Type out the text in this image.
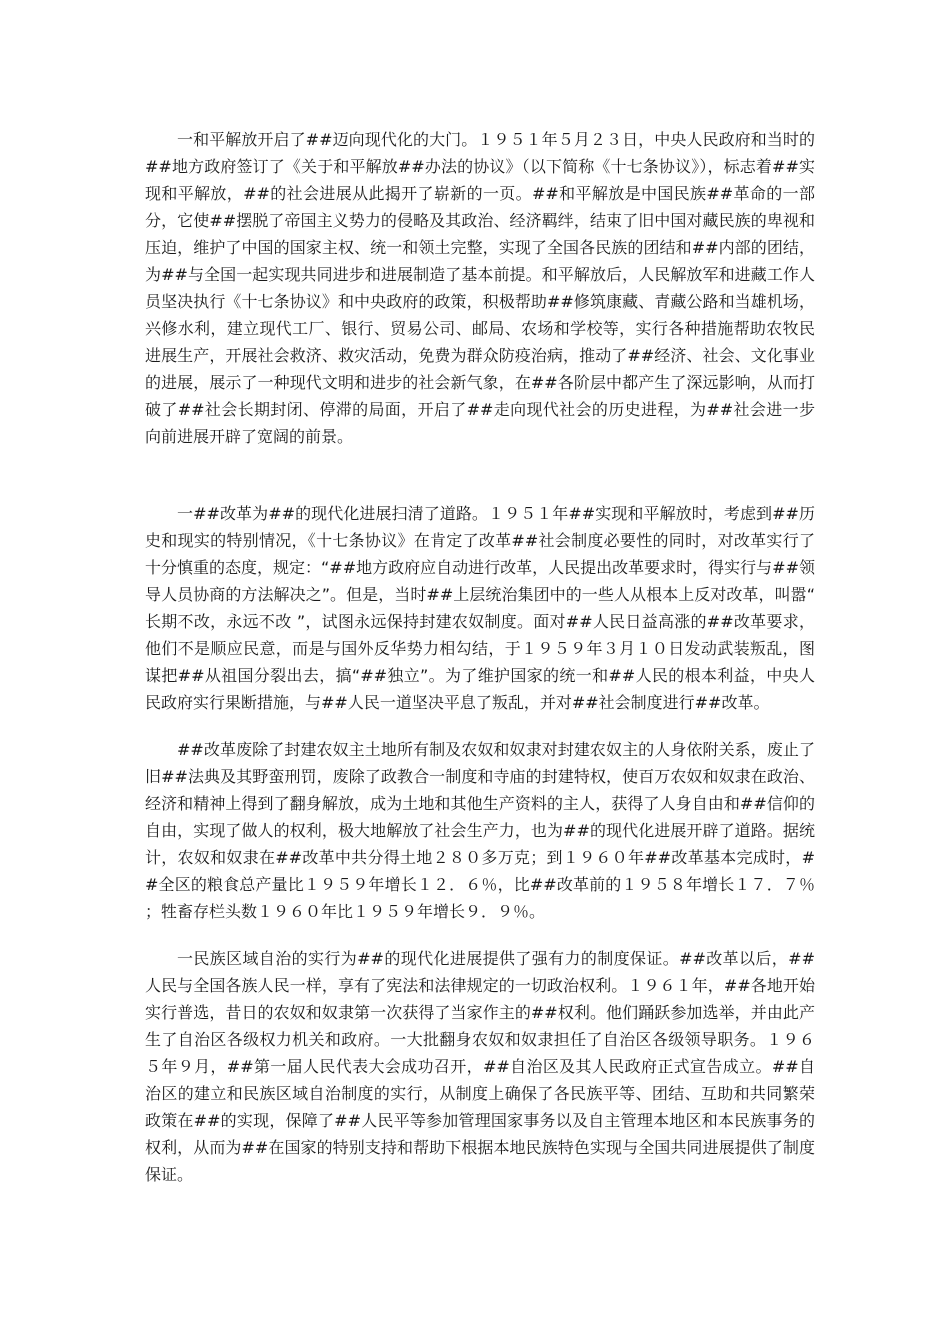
一和平解放开启了##迈向现代化的大门。１９５１年５月２３日，中央人民政府和当时的##地方政府签订了《关于和平解放##办法的协议》（以下简称《十七条协议》），标志着##实现和平解放，##的社会进展从此揭开了崭新的一页。##和平解放是中国民族##革命的一部分，它使##摆脱了帝国主义势力的侵略及其政治、经济羁绊，结束了旧中国对藏民族的卑视和压迫，维护了中国的国家主权、统一和领土完整，实现了全国各民族的团结和##内部的团结，为##与全国一起实现共同进步和进展制造了基本前提。和平解放后，人民解放军和进藏工作人员坚决执行《十七条协议》和中央政府的政策，积极帮助##修筑康藏、青藏公路和当雄机场，兴修水利，建立现代工厂、银行、贸易公司、邮局、农场和学校等，实行各种措施帮助农牧民进展生产，开展社会救济、救灾活动，免费为群众防疫治病，推动了##经济、社会、文化事业的进展，展示了一种现代文明和进步的社会新气象，在##各阶层中都产生了深远影响，从而打破了##社会长期封闭、停滞的局面，开启了##走向现代社会的历史进程，为##社会进一步向前进展开辟了宽阔的前景。

一##改革为##的现代化进展扫清了道路。１９５１年##实现和平解放时，考虑到##历史和现实的特别情况，《十七条协议》在肯定了改革##社会制度必要性的同时，对改革实行了十分慎重的态度，规定：“##地方政府应自动进行改革，人民提出改革要求时，得实行与##领导人员协商的方法解决之”。但是，当时##上层统治集团中的一些人从根本上反对改革，叫嚣“长期不改，永远不改 ”，试图永远保持封建农奴制度。面对##人民日益高涨的##改革要求，他们不是顺应民意，而是与国外反华势力相勾结，于１９５９年３月１０日发动武装叛乱，图谋把##从祖国分裂出去，搞“##独立”。为了维护国家的统一和##人民的根本利益，中央人民政府实行果断措施，与##人民一道坚决平息了叛乱，并对##社会制度进行##改革。

##改革废除了封建农奴主土地所有制及农奴和奴隶对封建农奴主的人身依附关系，废止了旧##法典及其野蛮刑罚，废除了政教合一制度和寺庙的封建特权，使百万农奴和奴隶在政治、经济和精神上得到了翻身解放，成为土地和其他生产资料的主人，获得了人身自由和##信仰的自由，实现了做人的权利，极大地解放了社会生产力，也为##的现代化进展开辟了道路。据统计，农奴和奴隶在##改革中共分得土地２８０多万克；到１９６０年##改革基本完成时，##全区的粮食总产量比１９５９年增长１２．６％，比##改革前的１９５８年增长１７．７％；牲畜存栏头数１９６０年比１９５９年增长９．９％。

一民族区域自治的实行为##的现代化进展提供了强有力的制度保证。##改革以后，##人民与全国各族人民一样，享有了宪法和法律规定的一切政治权利。１９６１年，##各地开始实行普选，昔日的农奴和奴隶第一次获得了当家作主的##权利。他们踊跃参加选举，并由此产生了自治区各级权力机关和政府。一大批翻身农奴和奴隶担任了自治区各级领导职务。１９６５年９月，##第一届人民代表大会成功召开，##自治区及其人民政府正式宣告成立。##自治区的建立和民族区域自治制度的实行，从制度上确保了各民族平等、团结、互助和共同繁荣政策在##的实现，保障了##人民平等参加管理国家事务以及自主管理本地区和本民族事务的权利，从而为##在国家的特别支持和帮助下根据本地民族特色实现与全国共同进展提供了制度保证。
